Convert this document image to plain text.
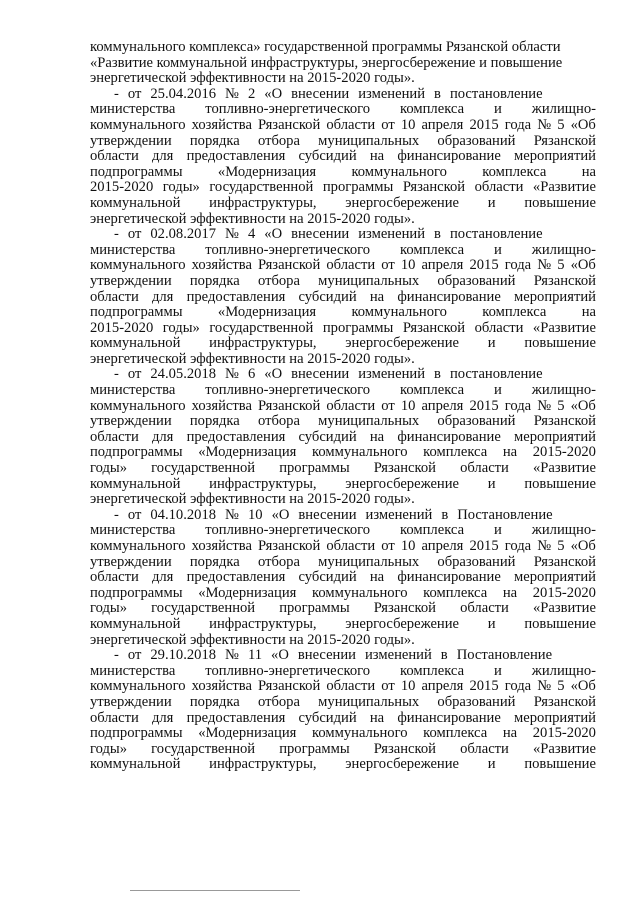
коммунального комплекса» государственной программы Рязанской области
«Развитие коммунальной инфраструктуры, энергосбережение и повышение
энергетической эффективности на 2015-2020 годы».
- от 25.04.2016 № 2 «О внесении изменений в постановление
министерства топливно-энергетического комплекса и жилищно-
коммунального хозяйства Рязанской области от 10 апреля 2015 года № 5 «Об
утверждении порядка отбора муниципальных образований Рязанской
области для предоставления субсидий на финансирование мероприятий
подпрограммы «Модернизация коммунального комплекса на
2015-2020 годы» государственной программы Рязанской области «Развитие
коммунальной инфраструктуры, энергосбережение и повышение
энергетической эффективности на 2015-2020 годы».
- от 02.08.2017 № 4 «О внесении изменений в постановление
министерства топливно-энергетического комплекса и жилищно-
коммунального хозяйства Рязанской области от 10 апреля 2015 года № 5 «Об
утверждении порядка отбора муниципальных образований Рязанской
области для предоставления субсидий на финансирование мероприятий
подпрограммы «Модернизация коммунального комплекса на
2015-2020 годы» государственной программы Рязанской области «Развитие
коммунальной инфраструктуры, энергосбережение и повышение
энергетической эффективности на 2015-2020 годы».
- от 24.05.2018 № 6 «О внесении изменений в постановление
министерства топливно-энергетического комплекса и жилищно-
коммунального хозяйства Рязанской области от 10 апреля 2015 года № 5 «Об
утверждении порядка отбора муниципальных образований Рязанской
области для предоставления субсидий на финансирование мероприятий
подпрограммы «Модернизация коммунального комплекса на 2015-2020
годы» государственной программы Рязанской области «Развитие
коммунальной инфраструктуры, энергосбережение и повышение
энергетической эффективности на 2015-2020 годы».
- от 04.10.2018 № 10 «О внесении изменений в Постановление
министерства топливно-энергетического комплекса и жилищно-
коммунального хозяйства Рязанской области от 10 апреля 2015 года № 5 «Об
утверждении порядка отбора муниципальных образований Рязанской
области для предоставления субсидий на финансирование мероприятий
подпрограммы «Модернизация коммунального комплекса на 2015-2020
годы» государственной программы Рязанской области «Развитие
коммунальной инфраструктуры, энергосбережение и повышение
энергетической эффективности на 2015-2020 годы».
- от 29.10.2018 № 11 «О внесении изменений в Постановление
министерства топливно-энергетического комплекса и жилищно-
коммунального хозяйства Рязанской области от 10 апреля 2015 года № 5 «Об
утверждении порядка отбора муниципальных образований Рязанской
области для предоставления субсидий на финансирование мероприятий
подпрограммы «Модернизация коммунального комплекса на 2015-2020
годы» государственной программы Рязанской области «Развитие
коммунальной инфраструктуры, энергосбережение и повышение
